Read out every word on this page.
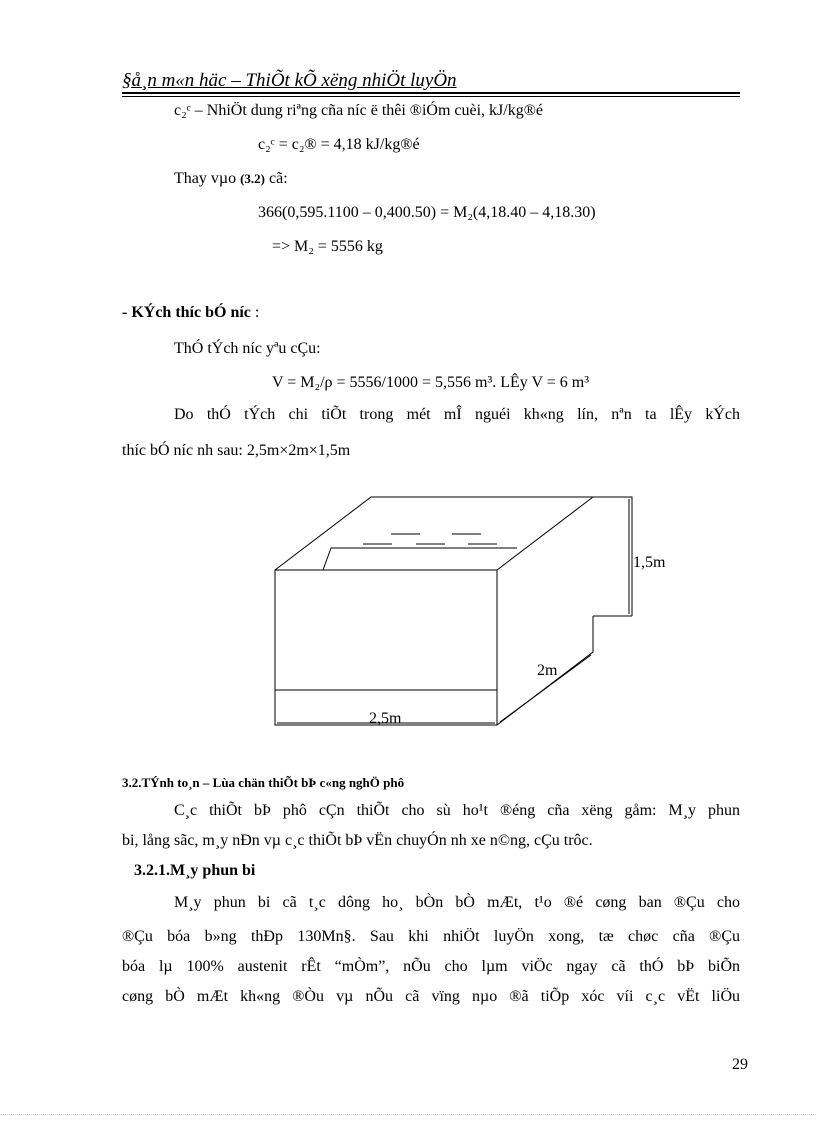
§å¸n m«n häc – ThiÕt kÕ xëng nhiÖt luyÖn
c₂ᶜ – NhiÖt dung riªng cña níc ë thêi ®iÓm cuèi, kJ/kg®é
c₂ᶜ = c₂® = 4,18 kJ/kg®é
Thay vµo (3.2) cã:
366(0,595.1100 – 0,400.50) = M₂(4,18.40 – 4,18.30)
=> M₂ = 5556 kg
- KÝch thíc bÓ níc :
ThÓ tÝch níc yªu cÇu:
V = M₂/ρ = 5556/1000 = 5,556 m³. LÊy V = 6 m³
Do thÓ tÝch chi tiÕt trong mét mÎ nguéi kh«ng lín, nªn ta lÊy kÝch
thíc bÓ níc nh sau: 2,5m×2m×1,5m
1,5m
2m
2,5m
3.2.TÝnh to¸n – Lùa chän thiÕt bÞ c«ng nghÖ phô
C¸c thiÕt bÞ phô cÇn thiÕt cho sù ho¹t ®éng cña xëng gåm: M¸y phun
bi, lång sãc, m¸y nÐn vµ c¸c thiÕt bÞ vËn chuyÓn nh xe n©ng, cÇu trôc.
3.2.1.M¸y phun bi
M¸y phun bi cã t¸c dông ho¸ bÒn bÒ mÆt, t¹o ®é cøng ban ®Çu cho
®Çu bóa b»ng thÐp 130Mn§. Sau khi nhiÖt luyÖn xong, tæ chøc cña ®Çu
bóa lµ 100% austenit rÊt “mÒm”, nÕu cho lµm viÖc ngay cã thÓ bÞ biÕn
cøng bÒ mÆt kh«ng ®Òu vµ nÕu cã vïng nµo ®ã tiÕp xóc víi c¸c vËt liÖu
29
